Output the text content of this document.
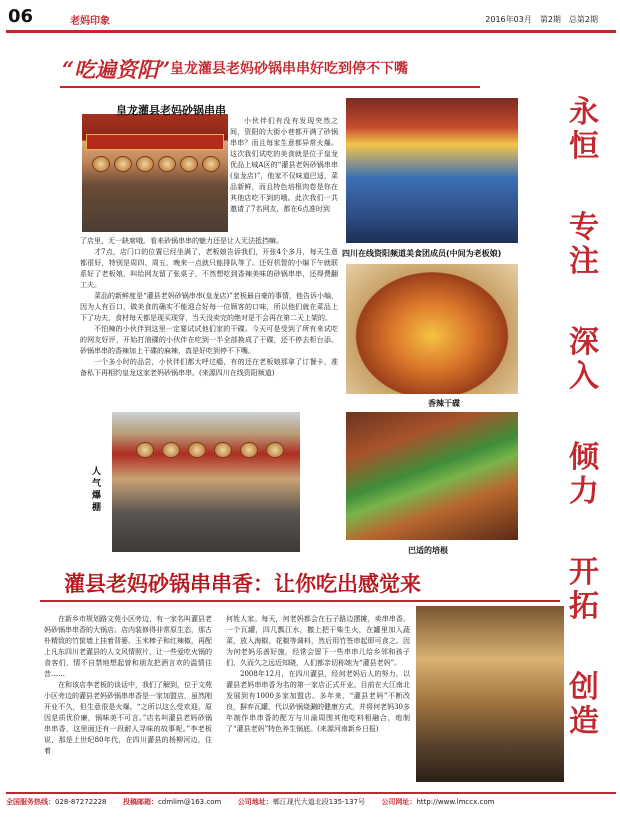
06	老妈印象	2016年03月　第2期　总第2期
“吃遍资阳” 皇龙灌县老妈砂锅串串好吃到停不下嘴
皇龙灌县老妈砂锅串串
四川在线资阳频道美食团成员(中间为老板娘)
香辣干碟
巴适的培根
人气爆棚

小伙伴们有没有发现突然之间，资阳的大街小巷都开满了砂锅串串？而且每家生意都异常火爆。这次我们试吃的美食就是位于皇龙优品上城A区的“灌县老妈砂锅串串(皇龙店)”，他家不仅味道巴适，菜品新鲜，而且特色培根肉卷是你在其他店吃不到的哦。此次我们一共邀请了7名网友，都在6点准时到

了店里，无一缺席哦。看来砂锅串串的魅力还是让人无法抵挡嘛。

才7点，店门口的位置已经坐满了，老板娘告诉我们，开张4个多月，每天生意都很好，特别是周四、周五，晚来一点就只能排队等了。还好机智的小编下午就联系好了老板娘，叫给网友留了张桌子，不然想吃到香辣美味的砂锅串串，还得费翻工夫。

菜品的新鲜度是“灌县老妈砂锅串串(皇龙店)”老板最自豪的事情，他告诉小编，因为人有百口，做美食的确实不能迎合好每一位顾客的口味，所以他们就在菜品上下了功夫，食材每天都是现买现穿，当天没卖完的绝对是不会再在第二天上架的。

不怕辣的小伙伴到这里一定要试试他们家的干碟。今天可是受到了所有来试吃的网友好评，开始打油碟的小伙伴在吃到一半全部换成了干碟，还不停去柜台添。砂锅串串的香辣加上干碟的麻辣，真是好吃到停不下嘴。

一个多小时的品尝，小伙伴们都大呼过瘾，有的还在老板娘那拿了订餐卡，准备私下再相约皇龙这家老妈砂锅串串。(来源四川在线资阳频道)

灌县老妈砂锅串串香：让你吃出感觉来

在新乡市规划路文苑小区旁边，有一家名叫灌县老妈砂锅串串香的大锅店。店内装修得非常原生态，那古朴精致的竹筐墙上挂着背篓、玉米棒子和红辣椒，再配上凡东四川老灌县的人文风情照片，让一些爱吃火锅的食客们，情不自禁地想起曾和朋友把酒言欢的温情往昔……

在和该店李老板的谈话中，我们了解到，位于文苑小区旁边的灌县老妈砂锅串串香是一家加盟店，虽然刚开业不久，但生意很是火爆。“之所以这么受欢迎，原因是质优价廉，锅味美不可言。”店名叫灌县老妈砂锅串串香，这里面还有一段耐人寻味的故事呢。”李老板说，那是上世纪80年代，在四川灌县的杨柳河边，住着

何姓人家。每天，何老妈都会在石子路边摆摊，卖串串香。一个瓦罐，四几瓢江水，撒上把干柴生火，在罐里加入蔬菜，放入海椒、花椒等调料，然后用竹签串起即可食之。因为何老妈乐善好施，经常会留下一些串串儿给乡邻和孩子们，久而久之远近知晓，人们都亲切称她为“灌县老妈”。

2008年12月，在四川灌县，经何老妈后人的努力，以灌县老妈串串香为名的第一家店正式开业。目前在大江南北发展到有1000多家加盟店。多年来，“灌县老妈”不断改良，摒弃瓦罐，代以砂锅烧涮的健康方式，并将何老妈30多年制作串串香的配方与川渝周围其他吃料相融合，炮制了“灌县老妈”特色养生锅底。(来源河南新乡日报)

永
恒
专
注
深
入
倾
力
开
拓
创
造
全国服务热线：028-87272228 投稿邮箱：cdmlim@163.com 公司地址：郫江现代大道北段135-137号 公司网址：http://www.lmccx.com
